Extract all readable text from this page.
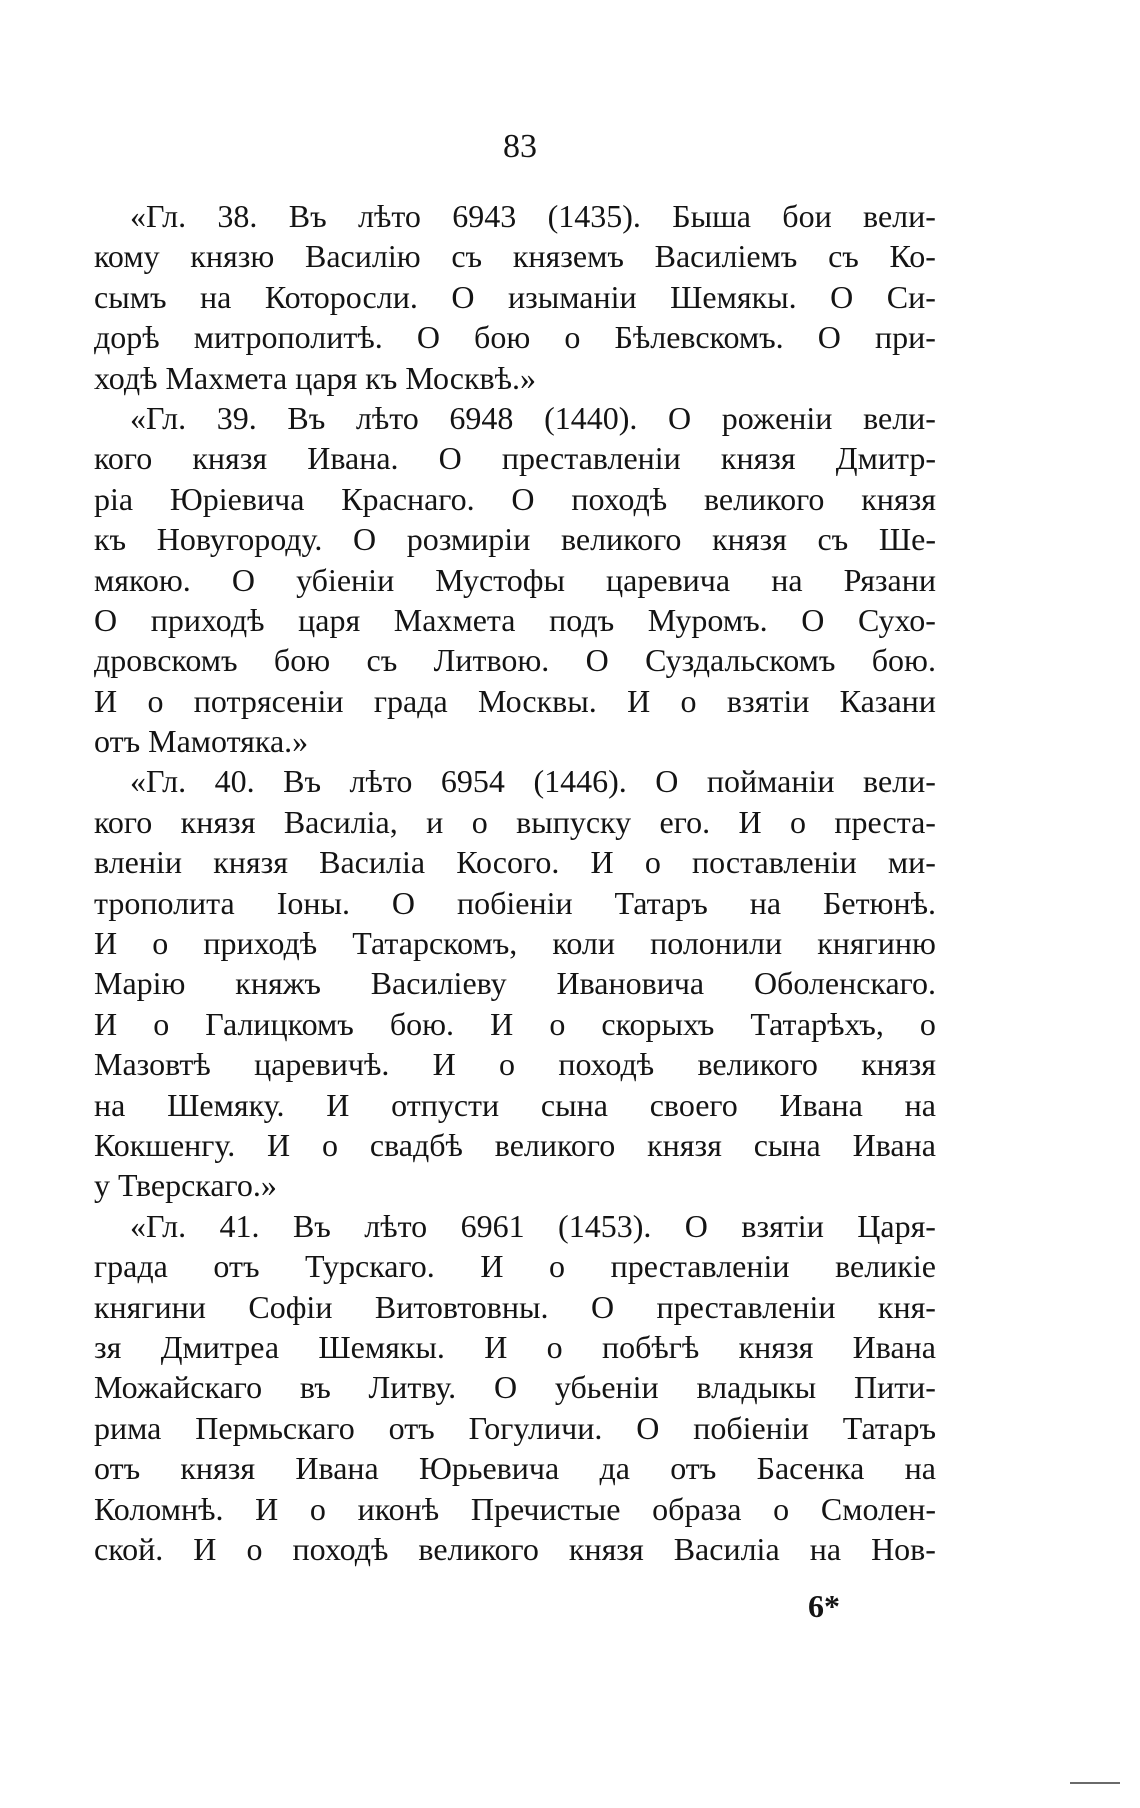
83
«Гл. 38. Въ лѣто 6943 (1435). Быша бои вели-
кому князю Василію съ княземъ Василіемъ съ Ко-
сымъ на Которосли. О изыманіи Шемякы. О Си-
дорѣ митрополитѣ. О бою о Бѣлевскомъ. О при-
ходѣ Махмета царя къ Москвѣ.»
«Гл. 39. Въ лѣто 6948 (1440). О рожeніи вели-
кого князя Ивана. О преставленіи князя Дмитр-
ріа Юріевича Краснаго. О походѣ великого князя
къ Новугороду. О розмиріи великого князя съ Ше-
мякою. О убіеніи Мустофы царевича на Рязани
О приходѣ царя Махмета подъ Муромъ. О Сухо-
дровскомъ бою съ Литвою. О Суздальскомъ бою.
И о потрясеніи града Москвы. И о взятіи Казани
отъ Мамотяка.»
«Гл. 40. Въ лѣто 6954 (1446). О пойманіи вели-
кого князя Василіа, и о выпуску его. И о преста-
вленіи князя Василіа Косого. И о поставленіи ми-
трополита Іоны. О побіеніи Татаръ на Бетюнѣ.
И о приходѣ Татарскомъ, коли полонили княгиню
Марію княжъ Василіеву Ивановича Оболенскаго.
И о Галицкомъ бою. И о скорыхъ Татарѣхъ, о
Мазовтѣ царевичѣ. И о походѣ великого князя
на Шемяку. И отпусти сына своего Ивана на
Кокшенгу. И о свадбѣ великого князя сына Ивана
у Тверскаго.»
«Гл. 41. Въ лѣто 6961 (1453). О взятіи Царя-
града отъ Турскаго. И о преставленіи великіе
княгини Софіи Витовтовны. О преставленіи кня-
зя Дмитреа Шемякы. И о побѣгѣ князя Ивана
Можайскаго въ Литву. О убьеніи владыкы Пити-
рима Пермьскаго отъ Гогуличи. О побіеніи Татаръ
отъ князя Ивана Юрьевича да отъ Басенка на
Коломнѣ. И о иконѣ Пречистые образа о Смолен-
ской. И о походѣ великого князя Василіа на Нов-
6*
